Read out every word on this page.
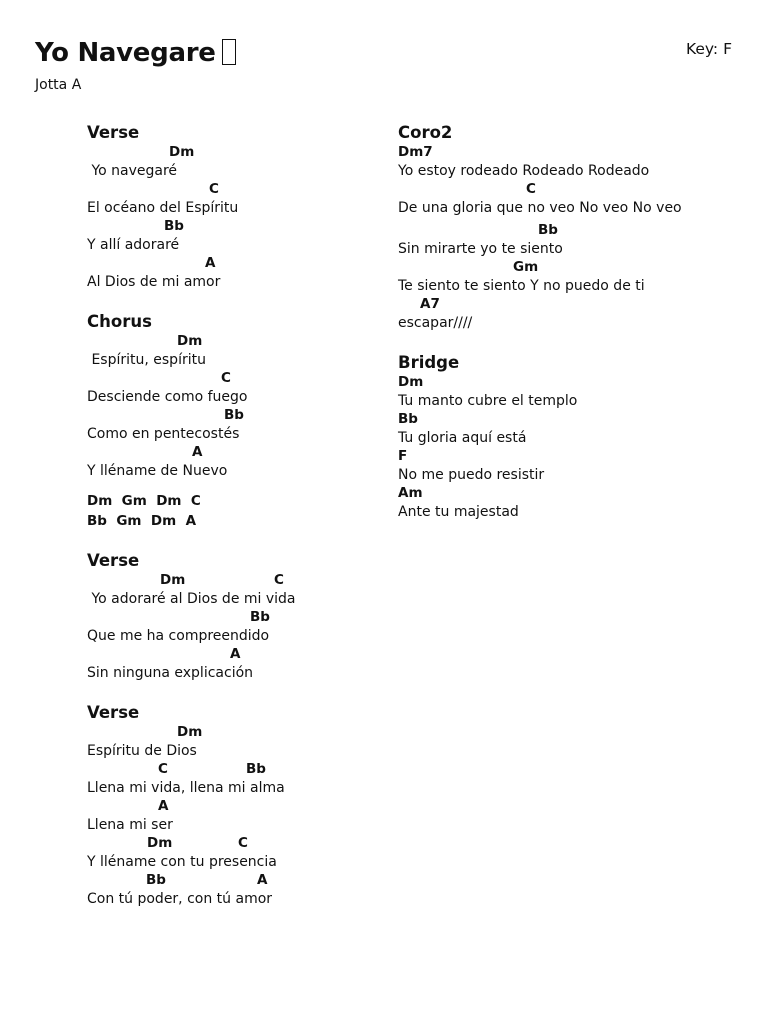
Yo Navegare
Jotta A
Key: F
Verse
Dm
Yo navegaré
C
El océano del Espíritu
Bb
Y allí adoraré
A
Al Dios de mi amor
Chorus
Dm
Espíritu, espíritu
C
Desciende como fuego
Bb
Como en pentecostés
A
Y lléname de Nuevo
Dm  Gm  Dm  C
Bb  Gm  Dm  A
Verse

Dm

	C

Yo adoraré al Dios de mi vida
Bb
Que me ha compreendido
A
Sin ninguna explicación
Verse
Dm
Espíritu de Dios

C

	Bb

Llena mi vida, llena mi alma
A
Llena mi ser

Dm

	C

Y lléname con tu presencia

Bb

	A

Con tú poder, con tú amor
Coro2
Dm7
Yo estoy rodeado Rodeado Rodeado
C
De una gloria que no veo No veo No veo
Bb
Sin mirarte yo te siento
Gm
Te siento te siento Y no puedo de ti
A7
escapar////
Bridge
Dm
Tu manto cubre el templo
Bb
Tu gloria aquí está
F
No me puedo resistir
Am
Ante tu majestad
